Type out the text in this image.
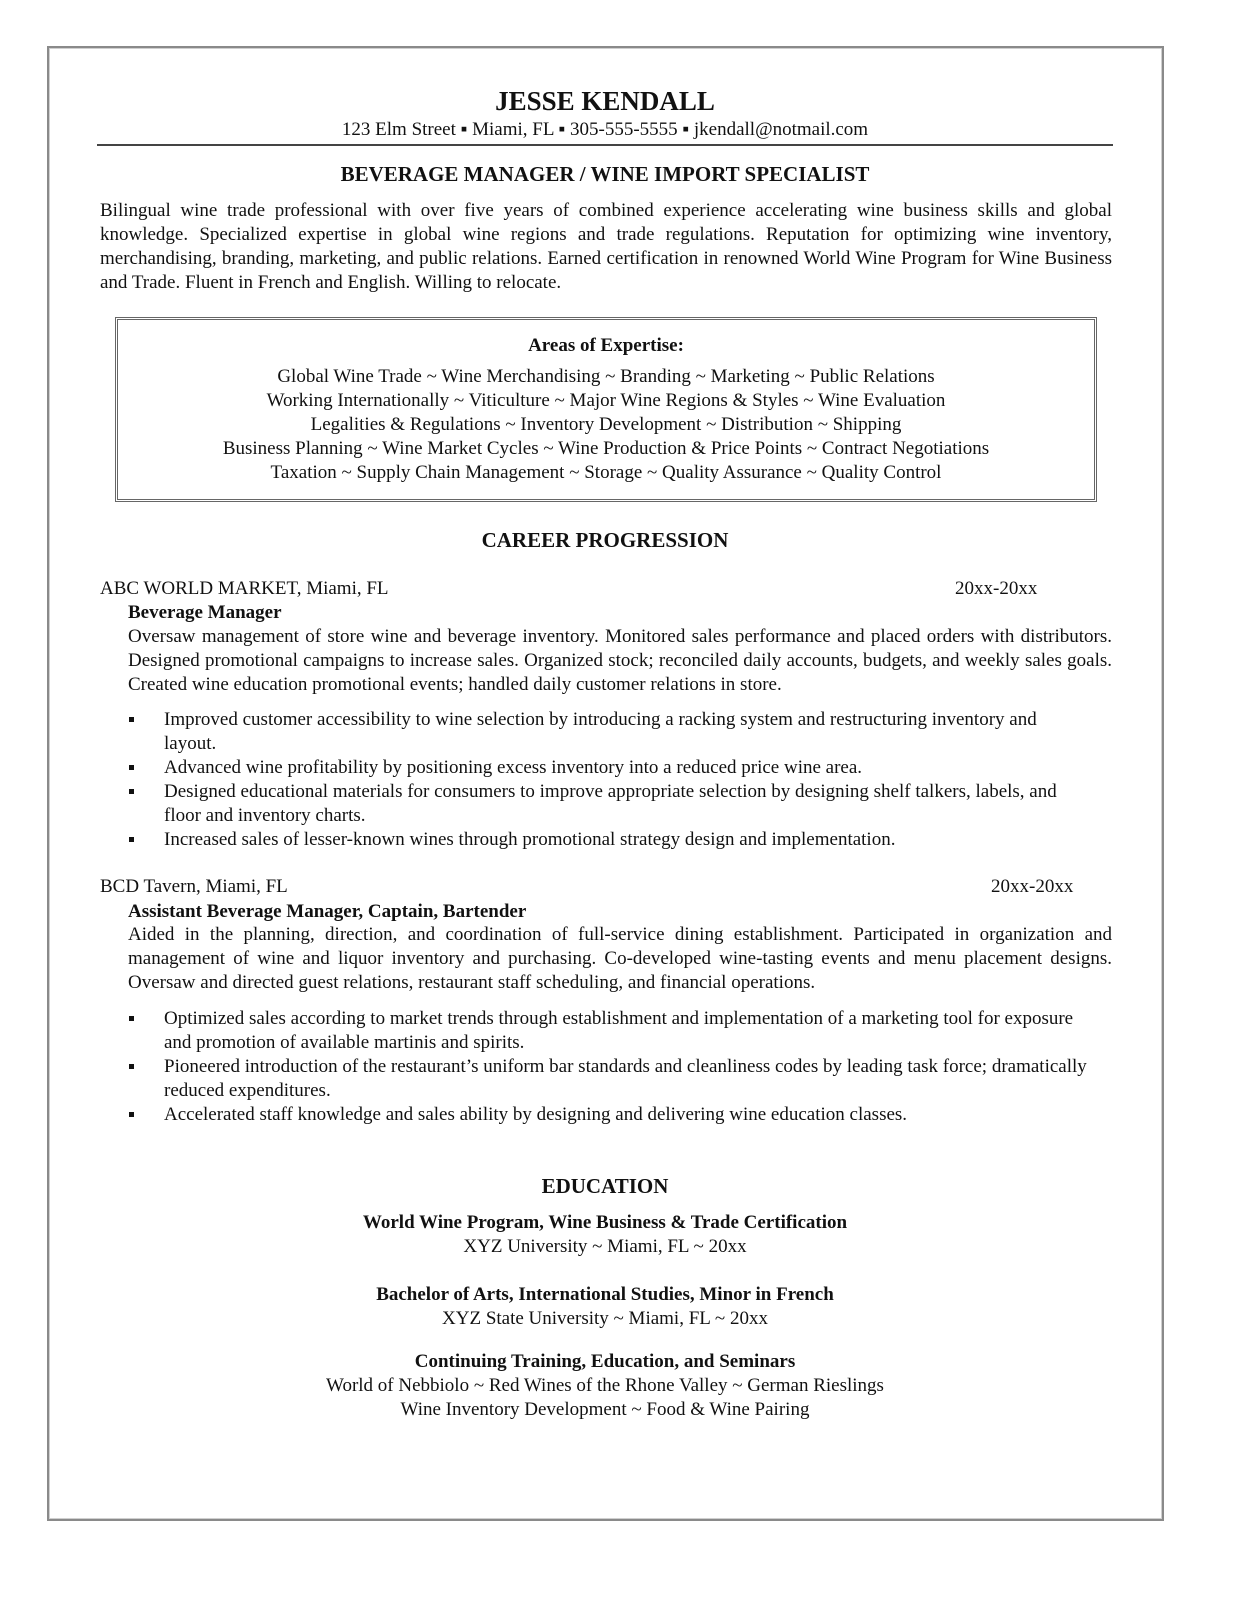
JESSE KENDALL
123 Elm Street ▪ Miami, FL ▪ 305-555-5555 ▪ jkendall@notmail.com
BEVERAGE MANAGER / WINE IMPORT SPECIALIST
Bilingual wine trade professional with over five years of combined experience accelerating wine business skills and global knowledge. Specialized expertise in global wine regions and trade regulations. Reputation for optimizing wine inventory, merchandising, branding, marketing, and public relations. Earned certification in renowned World Wine Program for Wine Business and Trade. Fluent in French and English. Willing to relocate.
Areas of Expertise:
Global Wine Trade ~ Wine Merchandising ~ Branding ~ Marketing ~ Public Relations
Working Internationally ~ Viticulture ~ Major Wine Regions & Styles ~ Wine Evaluation
Legalities & Regulations ~ Inventory Development ~ Distribution ~ Shipping
Business Planning ~ Wine Market Cycles ~ Wine Production & Price Points ~ Contract Negotiations
Taxation ~ Supply Chain Management ~ Storage ~ Quality Assurance ~ Quality Control
CAREER PROGRESSION
ABC WORLD MARKET, Miami, FL	20xx-20xx
Beverage Manager
Oversaw management of store wine and beverage inventory. Monitored sales performance and placed orders with distributors. Designed promotional campaigns to increase sales. Organized stock; reconciled daily accounts, budgets, and weekly sales goals. Created wine education promotional events; handled daily customer relations in store.
Improved customer accessibility to wine selection by introducing a racking system and restructuring inventory and layout.
Advanced wine profitability by positioning excess inventory into a reduced price wine area.
Designed educational materials for consumers to improve appropriate selection by designing shelf talkers, labels, and floor and inventory charts.
Increased sales of lesser-known wines through promotional strategy design and implementation.
BCD Tavern, Miami, FL	20xx-20xx
Assistant Beverage Manager, Captain, Bartender
Aided in the planning, direction, and coordination of full-service dining establishment. Participated in organization and management of wine and liquor inventory and purchasing. Co-developed wine-tasting events and menu placement designs. Oversaw and directed guest relations, restaurant staff scheduling, and financial operations.
Optimized sales according to market trends through establishment and implementation of a marketing tool for exposure and promotion of available martinis and spirits.
Pioneered introduction of the restaurant’s uniform bar standards and cleanliness codes by leading task force; dramatically reduced expenditures.
Accelerated staff knowledge and sales ability by designing and delivering wine education classes.
EDUCATION
World Wine Program, Wine Business & Trade Certification
XYZ University ~ Miami, FL ~ 20xx
Bachelor of Arts, International Studies, Minor in French
XYZ State University ~ Miami, FL ~ 20xx
Continuing Training, Education, and Seminars
World of Nebbiolo ~ Red Wines of the Rhone Valley ~ German Rieslings
Wine Inventory Development ~ Food & Wine Pairing
